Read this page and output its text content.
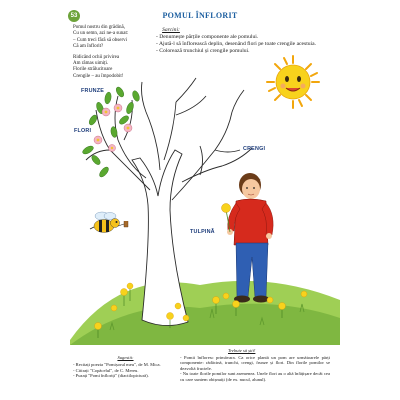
53	POMUL ÎNFLORIT
Pomul nostru din grădină,
Cu un semn, azi ne-a sunat:
– Cum treci fără să observi
Că am înflorit?
Ridicând ochii privirea
Am rămas uimiți.
Florile strălucitoare
Crengile – au împodobit!
Sarcini:
- Denumește părțile componente ale pomului.
- Ajută-l să înflorească deplin, desenând flori pe toate crengile acestuia.
- Colorează trunchiul și crengile pomului.
FRUNZE
FLORI
CRENGI
TULPINĂ
Sugestii:
- Recitați poezia "Pomișorul meu", de M. Mica.
- Citirați "Copăcelul", de C. Mereu.
- Puzați "Pomi înfloriți" (diactilopictură).
Trebuie să știi!

- Pomii înfloresc primăvara. Ca orice plantă un pom are următoarele părți componente: rădăcină, trunchi, crengi, frunze și flori. Din florile pomilor se dezvoltă fructele.

- Nu toate florile pomilor sunt asemenea. Unele flori au o altă înfățișare decât cea cu care suntem obișnuiți (de ex. nucul, alunul).
